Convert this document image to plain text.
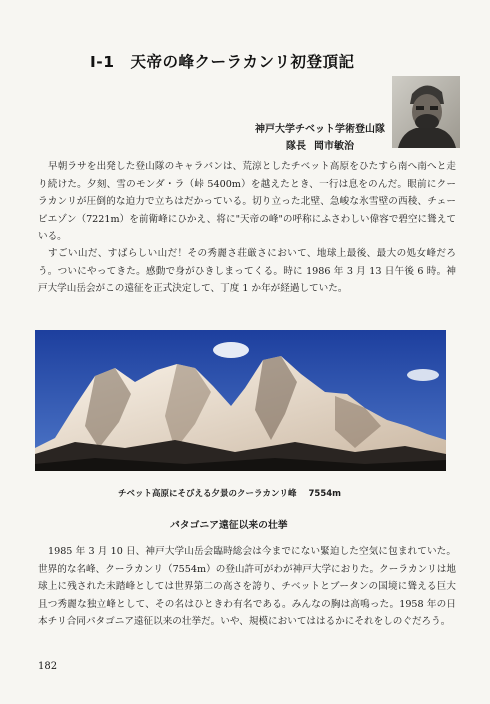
Ⅰ-1　天帝の峰クーラカンリ初登頂記
神戸大学チベット学術登山隊
隊長 岡市敏治
早朝ラサを出発した登山隊のキャラバンは、荒涼としたチベット高原をひたすら南へ南へと走り続けた。夕刻、雪のモンダ・ラ（峠 5400m）を越えたとき、一行は息をのんだ。眼前にクーラカンリが圧倒的な迫力で立ちはだかっている。切り立った北壁、急峻な氷雪壁の西稜、チェービエゾン（7221m）を前衛峰にひかえ、将に"天帝の峰"の呼称にふさわしい偉容で碧空に聳えている。
すごい山だ、すばらしい山だ！その秀麗さ荘厳さにおいて、地球上最後、最大の処女峰だろう。ついにやってきた。感動で身がひきしまってくる。時に 1986 年 3 月 13 日午後 6 時。神戸大学山岳会がこの遠征を正式決定して、丁度 1 か年が経過していた。
チベット高原にそびえる夕景のクーラカンリ峰 7554m
パタゴニア遠征以来の壮挙
1985 年 3 月 10 日、神戸大学山岳会臨時総会は今までにない緊迫した空気に包まれていた。世界的な名峰、クーラカンリ（7554m）の登山許可がわが神戸大学におりた。クーラカンリは地球上に残された未踏峰としては世界第二の高さを誇り、チベットとブータンの国境に聳える巨大且つ秀麗な独立峰として、その名はひときわ有名である。みんなの胸は高鳴った。1958 年の日本チリ合同パタゴニア遠征以来の壮挙だ。いや、規模においてははるかにそれをしのぐだろう。
182
